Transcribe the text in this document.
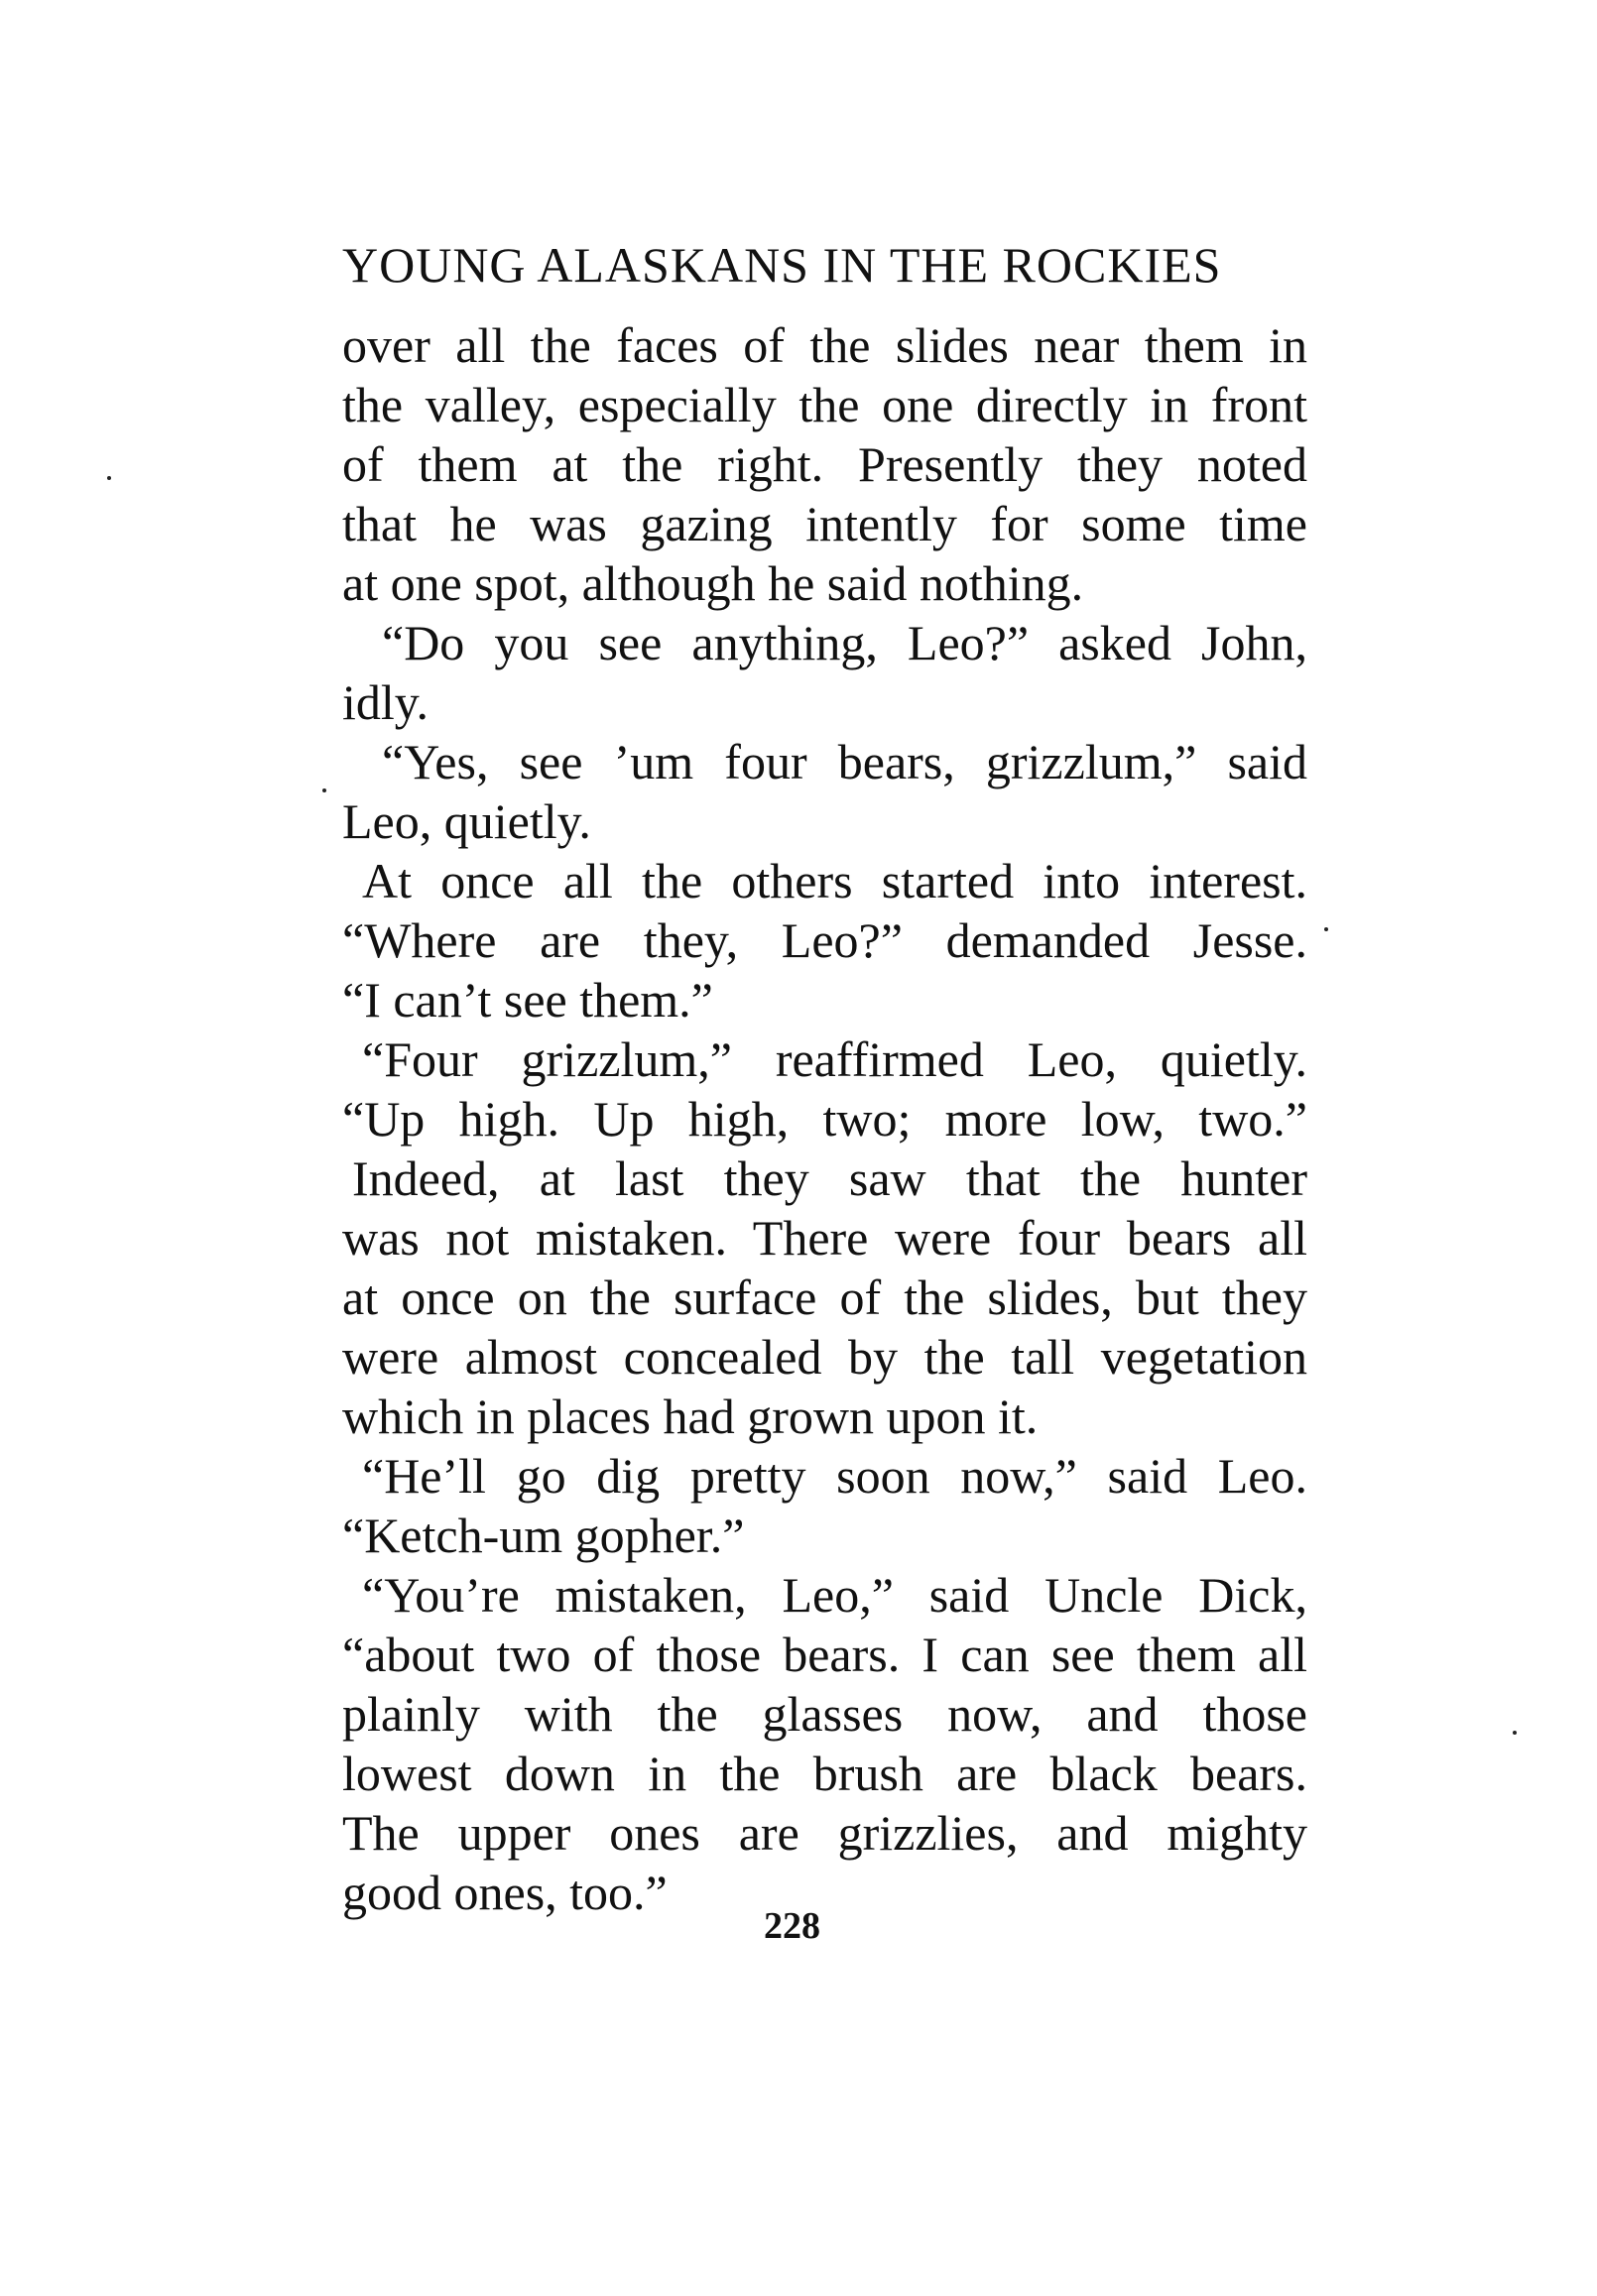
YOUNG ALASKANS IN THE ROCKIES
over all the faces of the slides near them in
the valley, especially the one directly in front
of them at the right. Presently they noted
that he was gazing intently for some time
at one spot, although he said nothing.
“Do you see anything, Leo?” asked John,
idly.
“Yes, see ’um four bears, grizzlum,” said
Leo, quietly.
At once all the others started into interest.
“Where are they, Leo?” demanded Jesse.
“I can’t see them.”
“Four grizzlum,” reaffirmed Leo, quietly.
“Up high. Up high, two; more low, two.”
Indeed, at last they saw that the hunter
was not mistaken. There were four bears all
at once on the surface of the slides, but they
were almost concealed by the tall vegetation
which in places had grown upon it.
“He’ll go dig pretty soon now,” said Leo.
“Ketch-um gopher.”
“You’re mistaken, Leo,” said Uncle Dick,
“about two of those bears. I can see them all
plainly with the glasses now, and those
lowest down in the brush are black bears.
The upper ones are grizzlies, and mighty
good ones, too.”
228
